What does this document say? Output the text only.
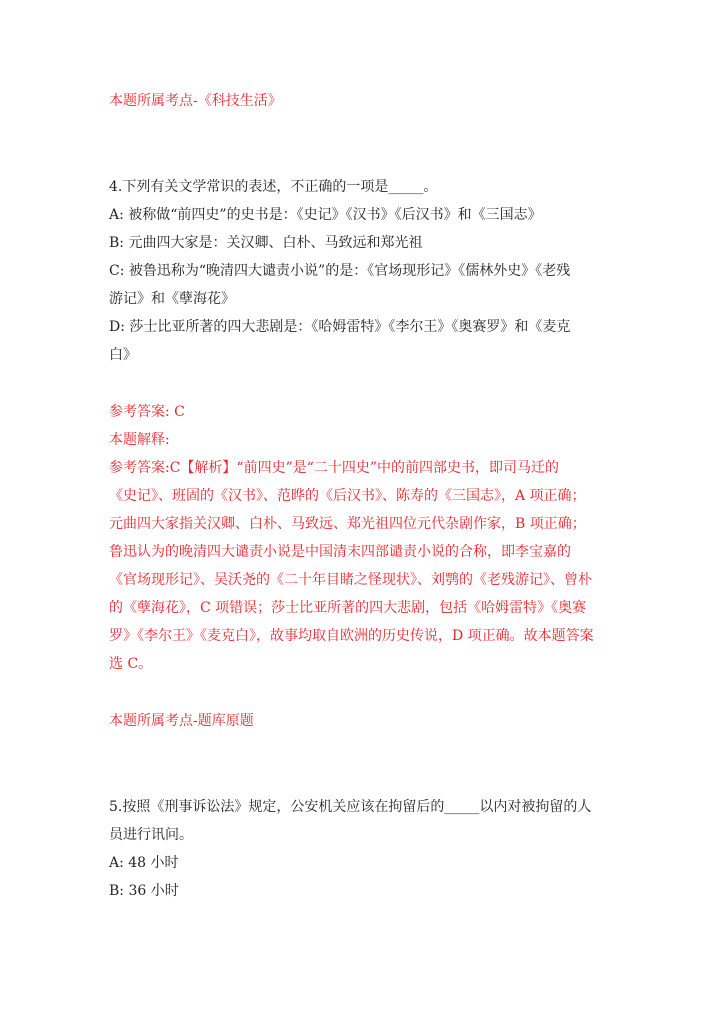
本题所属考点-《科技生活》
4.下列有关文学常识的表述，不正确的一项是_____。
A: 被称做“前四史”的史书是：《史记》《汉书》《后汉书》和《三国志》
B: 元曲四大家是：关汉卿、白朴、马致远和郑光祖
C: 被鲁迅称为“晚清四大谴责小说”的是：《官场现形记》《儒林外史》《老残
游记》和《孽海花》
D: 莎士比亚所著的四大悲剧是：《哈姆雷特》《李尔王》《奥赛罗》和《麦克
白》
参考答案: C
本题解释:
参考答案:C【解析】“前四史”是“二十四史”中的前四部史书，即司马迁的
《史记》、班固的《汉书》、范晔的《后汉书》、陈寿的《三国志》，A 项正确；
元曲四大家指关汉卿、白朴、马致远、郑光祖四位元代杂剧作家，B 项正确；
鲁迅认为的晚清四大谴责小说是中国清末四部谴责小说的合称，即李宝嘉的
《官场现形记》、吴沃尧的《二十年目睹之怪现状》、刘鹗的《老残游记》、曾朴
的《孽海花》，C 项错误；莎士比亚所著的四大悲剧，包括《哈姆雷特》《奥赛
罗》《李尔王》《麦克白》，故事均取自欧洲的历史传说，D 项正确。故本题答案
选 C。
本题所属考点-题库原题
5.按照《刑事诉讼法》规定，公安机关应该在拘留后的_____以内对被拘留的人
员进行讯问。
A: 48 小时
B: 36 小时
